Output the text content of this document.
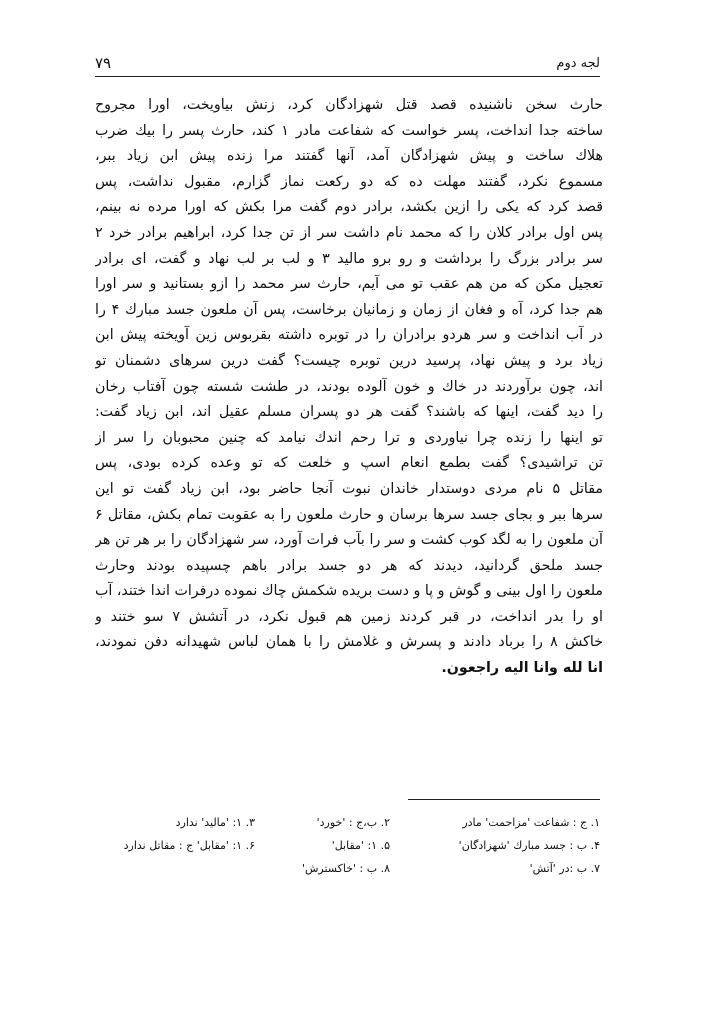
۷۹	لجه دوم
حارث سخن ناشنیده قصد قتل شهزادگان کرد، زنش بیاویخت، اورا مجروح
ساخته جدا انداخت، پسر خواست که شفاعت مادر ۱ کند، حارث پسر را بیك ضرب
هلاك ساخت و پیش شهزادگان آمد، آنها گفتند مرا زنده پیش ابن زیاد ببر،
مسموع نکرد، گفتند مهلت ده که دو رکعت نماز گزارم، مقبول نداشت، پس
قصد کرد که یکی را ازین بکشد، برادر دوم گفت مرا بکش که اورا مرده نه بینم،
پس اول برادر کلان را که محمد نام داشت سر از تن جدا کرد، ابراهیم برادر خرد ۲
سر برادر بزرگ را برداشت و رو برو مالید ۳ و لب بر لب نهاد و گفت، ای برادر
تعجیل مکن که من هم عقب تو می آیم، حارث سر محمد را ازو بستانید و سر اورا
هم جدا کرد، آه و فغان از زمان و زمانیان برخاست، پس آن ملعون جسد مبارك ۴ را
در آب انداخت و سر هردو برادران را در توبره داشته بقربوس زین آویخته پیش ابن
زیاد برد و پیش نهاد، پرسید درین توبره چیست؟ گفت درین سرهای دشمنان تو
اند، چون برآوردند در خاك و خون آلوده بودند، در طشت شسته چون آفتاب رخان
را دید گفت، اینها که باشند؟ گفت هر دو پسران مسلم عقیل اند، ابن زیاد گفت:
تو اینها را زنده چرا نیاوردی و ترا رحم اندك نیامد که چنین محبوبان را سر از
تن تراشیدی؟ گفت بطمع انعام اسپ و خلعت که تو وعده کرده بودی، پس
مقاتل ۵ نام مردی دوستدار خاندان نبوت آنجا حاضر بود، ابن زیاد گفت تو این
سرها ببر و بجای جسد سرها برسان و حارث ملعون را به عقوبت تمام بکش، مقاتل ۶
آن ملعون را به لگد کوب کشت و سر را بآب فرات آورد، سر شهزادگان را بر هر تن هر
جسد ملحق گردانید، دیدند که هر دو جسد برادر باهم چسپیده بودند وحارث
ملعون را اول بینی و گوش و پا و دست بریده شکمش چاك نموده درفرات اندا ختند، آب
او را بدر انداخت، در قبر کردند زمین هم قبول نکرد، در آتشش ۷ سو ختند و
خاکش ۸ را برباد دادند و پسرش و غلامش را با همان لباس شهیدانه دفن نمودند،
انا لله وانا الیه راجعون.
۱. ج : شفاعت 'مزاحمت' مادر
۲. ب،ج : 'خورد'
۳. ۱: 'مالید' ندارد
۴. ب : جسد مبارك 'شهزادگان'
۵. ۱: 'مقابل'
۶. ۱: 'مقابل' ج : مقاتل ندارد
۷. ب :در 'آتش'
۸. ب : 'خاکسترش'
